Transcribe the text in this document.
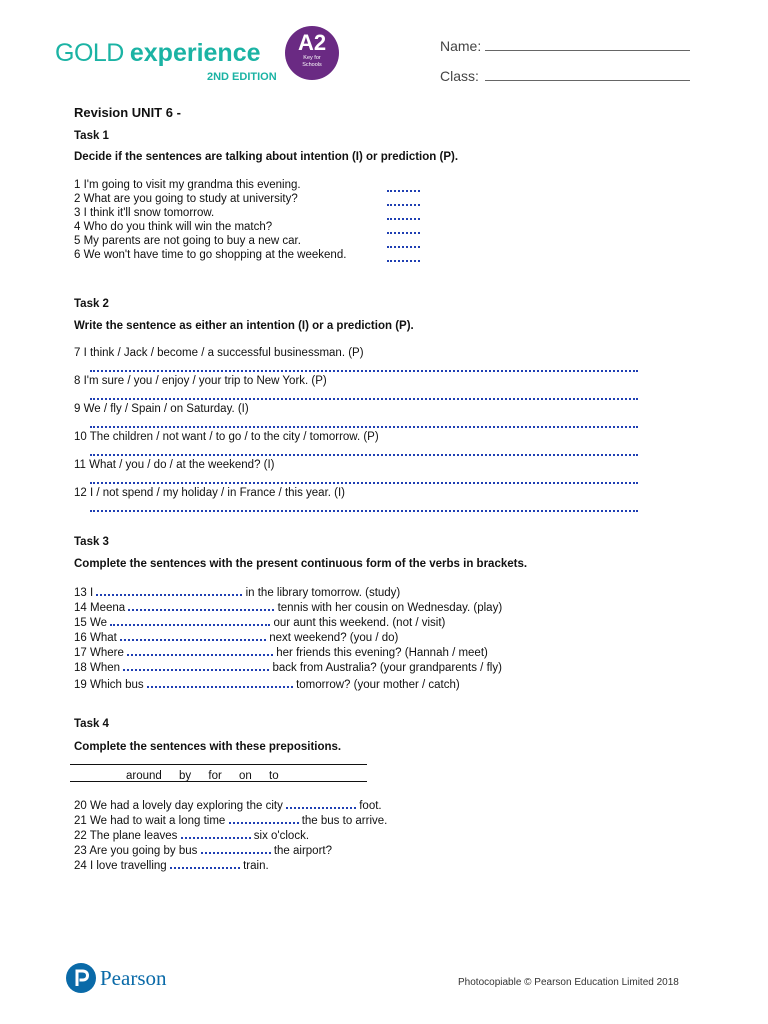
GOLD experience
2ND EDITION
A2
Key for Schools
Name:
Class:
Revision UNIT 6 -
Task 1
Decide if the sentences are talking about intention (I) or prediction (P).
1 I'm going to visit my grandma this evening.
2 What are you going to study at university?
3 I think it'll snow tomorrow.
4 Who do you think will win the match?
5 My parents are not going to buy a new car.
6 We won't have time to go shopping at the weekend.
Task 2
Write the sentence as either an intention (I) or a prediction (P).
7 I think / Jack / become / a successful businessman. (P)
8 I'm sure / you / enjoy / your trip to New York. (P)
9 We / fly / Spain / on Saturday. (I)
10 The children / not want / to go / to the city / tomorrow. (P)
11 What / you / do / at the weekend? (I)
12 I / not spend / my holiday / in France / this year. (I)
Task 3
Complete the sentences with the present continuous form of the verbs in brackets.
13 I	in the library tomorrow. (study)
14 Meena	tennis with her cousin on Wednesday. (play)
15 We	our aunt this weekend. (not / visit)
16 What	next weekend? (you / do)
17 Where	her friends this evening? (Hannah / meet)
18 When	back from Australia? (your grandparents / fly)
19 Which bus	tomorrow? (your mother / catch)
Task 4
Complete the sentences with these prepositions.
around by for on to
20 We had a lovely day exploring the city	foot.
21 We had to wait a long time	the bus to arrive.
22 The plane leaves	six o'clock.
23 Are you going by bus	the airport?
24 I love travelling	train.
Pearson	Photocopiable © Pearson Education Limited 2018
